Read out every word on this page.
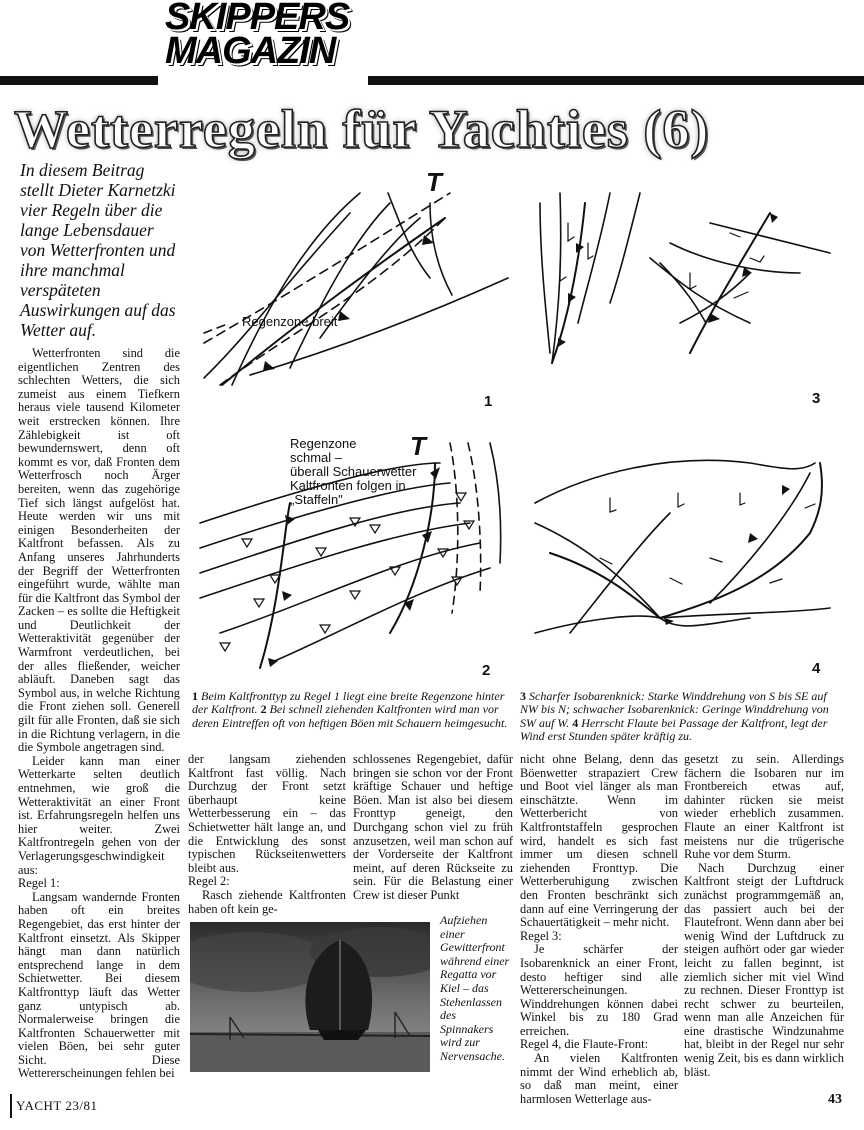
SKIPPERS
MAGAZIN
Wetterregeln für Yachties (6)

In diesem Beitrag stellt Dieter Karnetzki vier Regeln über die lange Lebensdauer von Wetterfronten und ihre manchmal verspäteten Auswirkungen auf das Wetter auf.

Wetterfronten sind die eigentlichen Zentren des schlechten Wetters, die sich zumeist aus einem Tiefkern heraus viele tausend Kilometer weit erstrecken können. Ihre Zählebigkeit ist oft bewundernswert, denn oft kommt es vor, daß Fronten dem Wetterfrosch noch Ärger bereiten, wenn das zugehörige Tief sich längst aufgelöst hat. Heute werden wir uns mit einigen Besonderheiten der Kaltfront befassen. Als zu Anfang unseres Jahrhunderts der Begriff der Wetterfronten eingeführt wurde, wählte man für die Kaltfront das Symbol der Zacken – es sollte die Heftigkeit und Deutlichkeit der Wetteraktivität gegenüber der Warmfront verdeutlichen, bei der alles fließender, weicher abläuft. Daneben sagt das Symbol aus, in welche Richtung die Front ziehen soll. Generell gilt für alle Fronten, daß sie sich in die Richtung verlagern, in die die Symbole angetragen sind.

Leider kann man einer Wetterkarte selten deutlich entnehmen, wie groß die Wetteraktivität an einer Front ist. Erfahrungsregeln helfen uns hier weiter. Zwei Kaltfrontregeln gehen von der Verlagerungsgeschwindigkeit aus:

Regel 1:

Langsam wandernde Fronten haben oft ein breites Regengebiet, das erst hinter der Kaltfront einsetzt. Als Skipper hängt man dann natürlich entsprechend lange in dem Schietwetter. Bei diesem Kaltfronttyp läuft das Wetter ganz untypisch ab. Normalerweise bringen die Kaltfronten Schauerwetter mit vielen Böen, bei sehr guter Sicht. Diese Wettererscheinungen fehlen bei

Regenzone breit
Regenzone
schmal –
überall Schauerwetter
Kaltfronten folgen in
„Staffeln"
T
T
1
2
3
4
1 Beim Kaltfronttyp zu Regel 1 liegt eine breite Regenzone hinter der Kaltfront. 2 Bei schnell ziehenden Kaltfronten wird man vor deren Eintreffen oft von heftigen Böen mit Schauern heimgesucht.
3 Scharfer Isobarenknick: Starke Winddrehung von S bis SE auf NW bis N; schwacher Isobarenknick: Geringe Winddrehung von SW auf W. 4 Herrscht Flaute bei Passage der Kaltfront, legt der Wind erst Stunden später kräftig zu.

der langsam ziehenden Kaltfront fast völlig. Nach Durchzug der Front setzt überhaupt keine Wetterbesserung ein – das Schietwetter hält lange an, und die Entwicklung des sonst typischen Rückseitenwetters bleibt aus.

Regel 2:

Rasch ziehende Kaltfronten haben oft kein ge-

schlossenes Regengebiet, dafür bringen sie schon vor der Front kräftige Schauer und heftige Böen. Man ist also bei diesem Fronttyp geneigt, den Durchgang schon viel zu früh anzusetzen, weil man schon auf der Vorderseite der Kaltfront meint, auf deren Rückseite zu sein. Für die Belastung einer Crew ist dieser Punkt

nicht ohne Belang, denn das Böenwetter strapaziert Crew und Boot viel länger als man einschätzte. Wenn im Wetterbericht von Kaltfrontstaffeln gesprochen wird, handelt es sich fast immer um diesen schnell ziehenden Fronttyp. Die Wetterberuhigung zwischen den Fronten beschränkt sich dann auf eine Verringerung der Schauertätigkeit – mehr nicht.

Regel 3:

Je schärfer der Isobarenknick an einer Front, desto heftiger sind alle Wettererscheinungen. Winddrehungen können dabei Winkel bis zu 180 Grad erreichen.

Regel 4, die Flaute-Front:

An vielen Kaltfronten nimmt der Wind erheblich ab, so daß man meint, einer harmlosen Wetterlage aus-

gesetzt zu sein. Allerdings fächern die Isobaren nur im Frontbereich etwas auf, dahinter rücken sie meist wieder erheblich zusammen. Flaute an einer Kaltfront ist meistens nur die trügerische Ruhe vor dem Sturm.

Nach Durchzug einer Kaltfront steigt der Luftdruck zunächst programmgemäß an, das passiert auch bei der Flautefront. Wenn dann aber bei wenig Wind der Luftdruck zu steigen aufhört oder gar wieder leicht zu fallen beginnt, ist ziemlich sicher mit viel Wind zu rechnen. Dieser Fronttyp ist recht schwer zu beurteilen, wenn man alle Anzeichen für eine drastische Windzunahme hat, bleibt in der Regel nur sehr wenig Zeit, bis es dann wirklich bläst.

Aufziehen einer Gewitterfront während einer Regatta vor Kiel – das Stehenlassen des Spinnakers wird zur Nervensache.

YACHT 23/81	43
